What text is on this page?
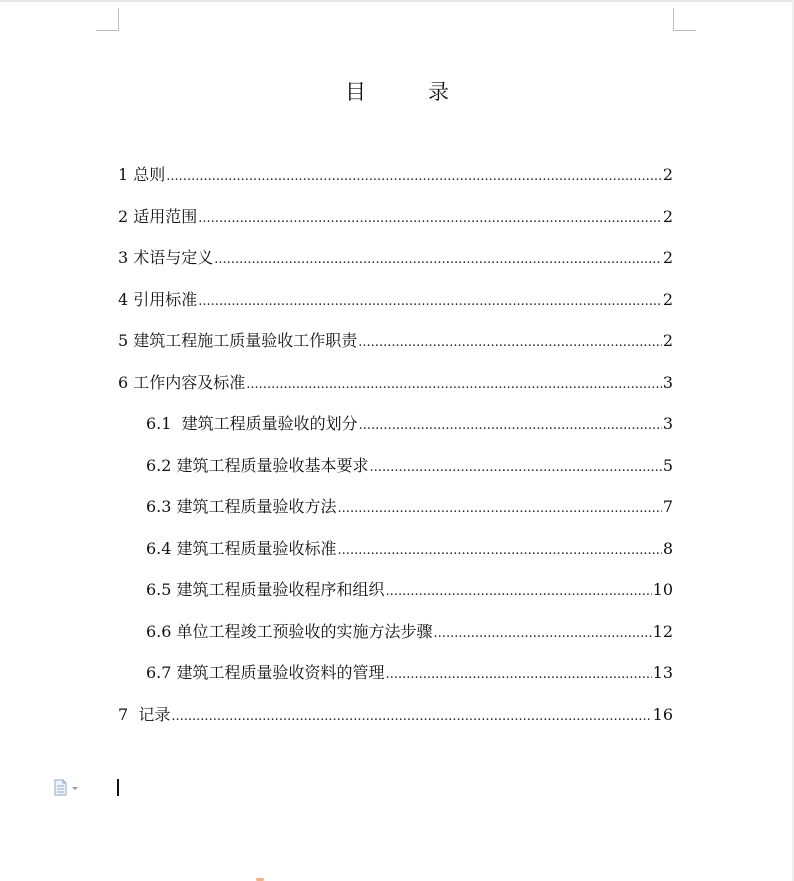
目	录
1 总则 .....	2
2 适用范围 .....	2
3 术语与定义 .....	2
4 引用标准 .....	2
5 建筑工程施工质量验收工作职责 .....	2
6 工作内容及标准 .....	3
6.1 建筑工程质量验收的划分 .....	3
6.2 建筑工程质量验收基本要求 .....	5
6.3 建筑工程质量验收方法 .....	7
6.4 建筑工程质量验收标准 .....	8
6.5 建筑工程质量验收程序和组织 .....	10
6.6 单位工程竣工预验收的实施方法步骤 .....	12
6.7 建筑工程质量验收资料的管理 .....	13
7 记录 .....	16
